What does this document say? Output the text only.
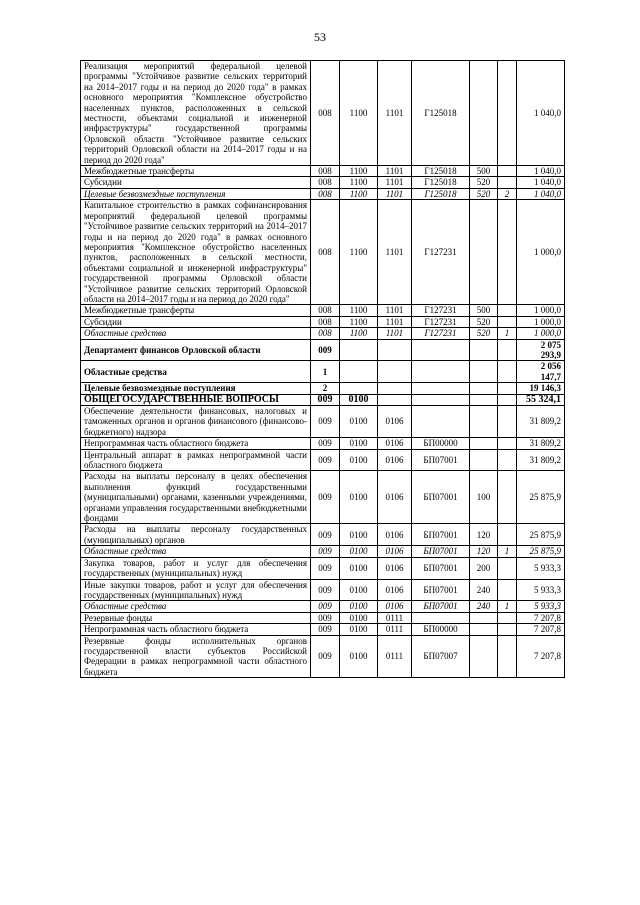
53
Реализация мероприятий федеральной целевой программы "Устойчивое развитие сельских территорий на 2014–2017 годы и на период до 2020 года" в рамках основного мероприятия "Комплексное обустройство населенных пунктов, расположенных в сельской местности, объектами социальной и инженерной инфраструктуры" государственной программы Орловской области "Устойчивое развитие сельских территорий Орловской области на 2014–2017 годы и на период до 2020 года"	008	1100	1101	Г125018			1 040,0
Межбюджетные трансферты	008	1100	1101	Г125018	500		1 040,0
Субсидии	008	1100	1101	Г125018	520		1 040,0
Целевые безвозмездные поступления	008	1100	1101	Г125018	520	2	1 040,0
Капитальное строительство в рамках софинансирования мероприятий федеральной целевой программы "Устойчивое развитие сельских территорий на 2014–2017 годы и на период до 2020 года" в рамках основного мероприятия "Комплексное обустройство населенных пунктов, расположенных в сельской местности, объектами социальной и инженерной инфраструктуры" государственной программы Орловской области "Устойчивое развитие сельских территорий Орловской области на 2014–2017 годы и на период до 2020 года"	008	1100	1101	Г127231			1 000,0
Межбюджетные трансферты	008	1100	1101	Г127231	500		1 000,0
Субсидии	008	1100	1101	Г127231	520		1 000,0
Областные средства	008	1100	1101	Г127231	520	1	1 000,0
Департамент финансов Орловской области	009						2 075 293,9
Областные средства	1						2 056 147,7
Целевые безвозмездные поступления	2						19 146,3
ОБЩЕГОСУДАРСТВЕННЫЕ ВОПРОСЫ	009	0100					55 324,1
Обеспечение деятельности финансовых, налоговых и таможенных органов и органов финансового (финансово-бюджетного) надзора	009	0100	0106				31 809,2
Непрограммная часть областного бюджета	009	0100	0106	БП00000			31 809,2
Центральный аппарат в рамках непрограммной части областного бюджета	009	0100	0106	БП07001			31 809,2
Расходы на выплаты персоналу в целях обеспечения выполнения функций государственными (муниципальными) органами, казенными учреждениями, органами управления государственными внебюджетными фондами	009	0100	0106	БП07001	100		25 875,9
Расходы на выплаты персоналу государственных (муниципальных) органов	009	0100	0106	БП07001	120		25 875,9
Областные средства	009	0100	0106	БП07001	120	1	25 875,9
Закупка товаров, работ и услуг для обеспечения государственных (муниципальных) нужд	009	0100	0106	БП07001	200		5 933,3
Иные закупки товаров, работ и услуг для обеспечения государственных (муниципальных) нужд	009	0100	0106	БП07001	240		5 933,3
Областные средства	009	0100	0106	БП07001	240	1	5 933,3
Резервные фонды	009	0100	0111				7 207,8
Непрограммная часть областного бюджета	009	0100	0111	БП00000			7 207,8
Резервные фонды исполнительных органов государственной власти субъектов Российской Федерации в рамках непрограммной части областного бюджета	009	0100	0111	БП07007			7 207,8
